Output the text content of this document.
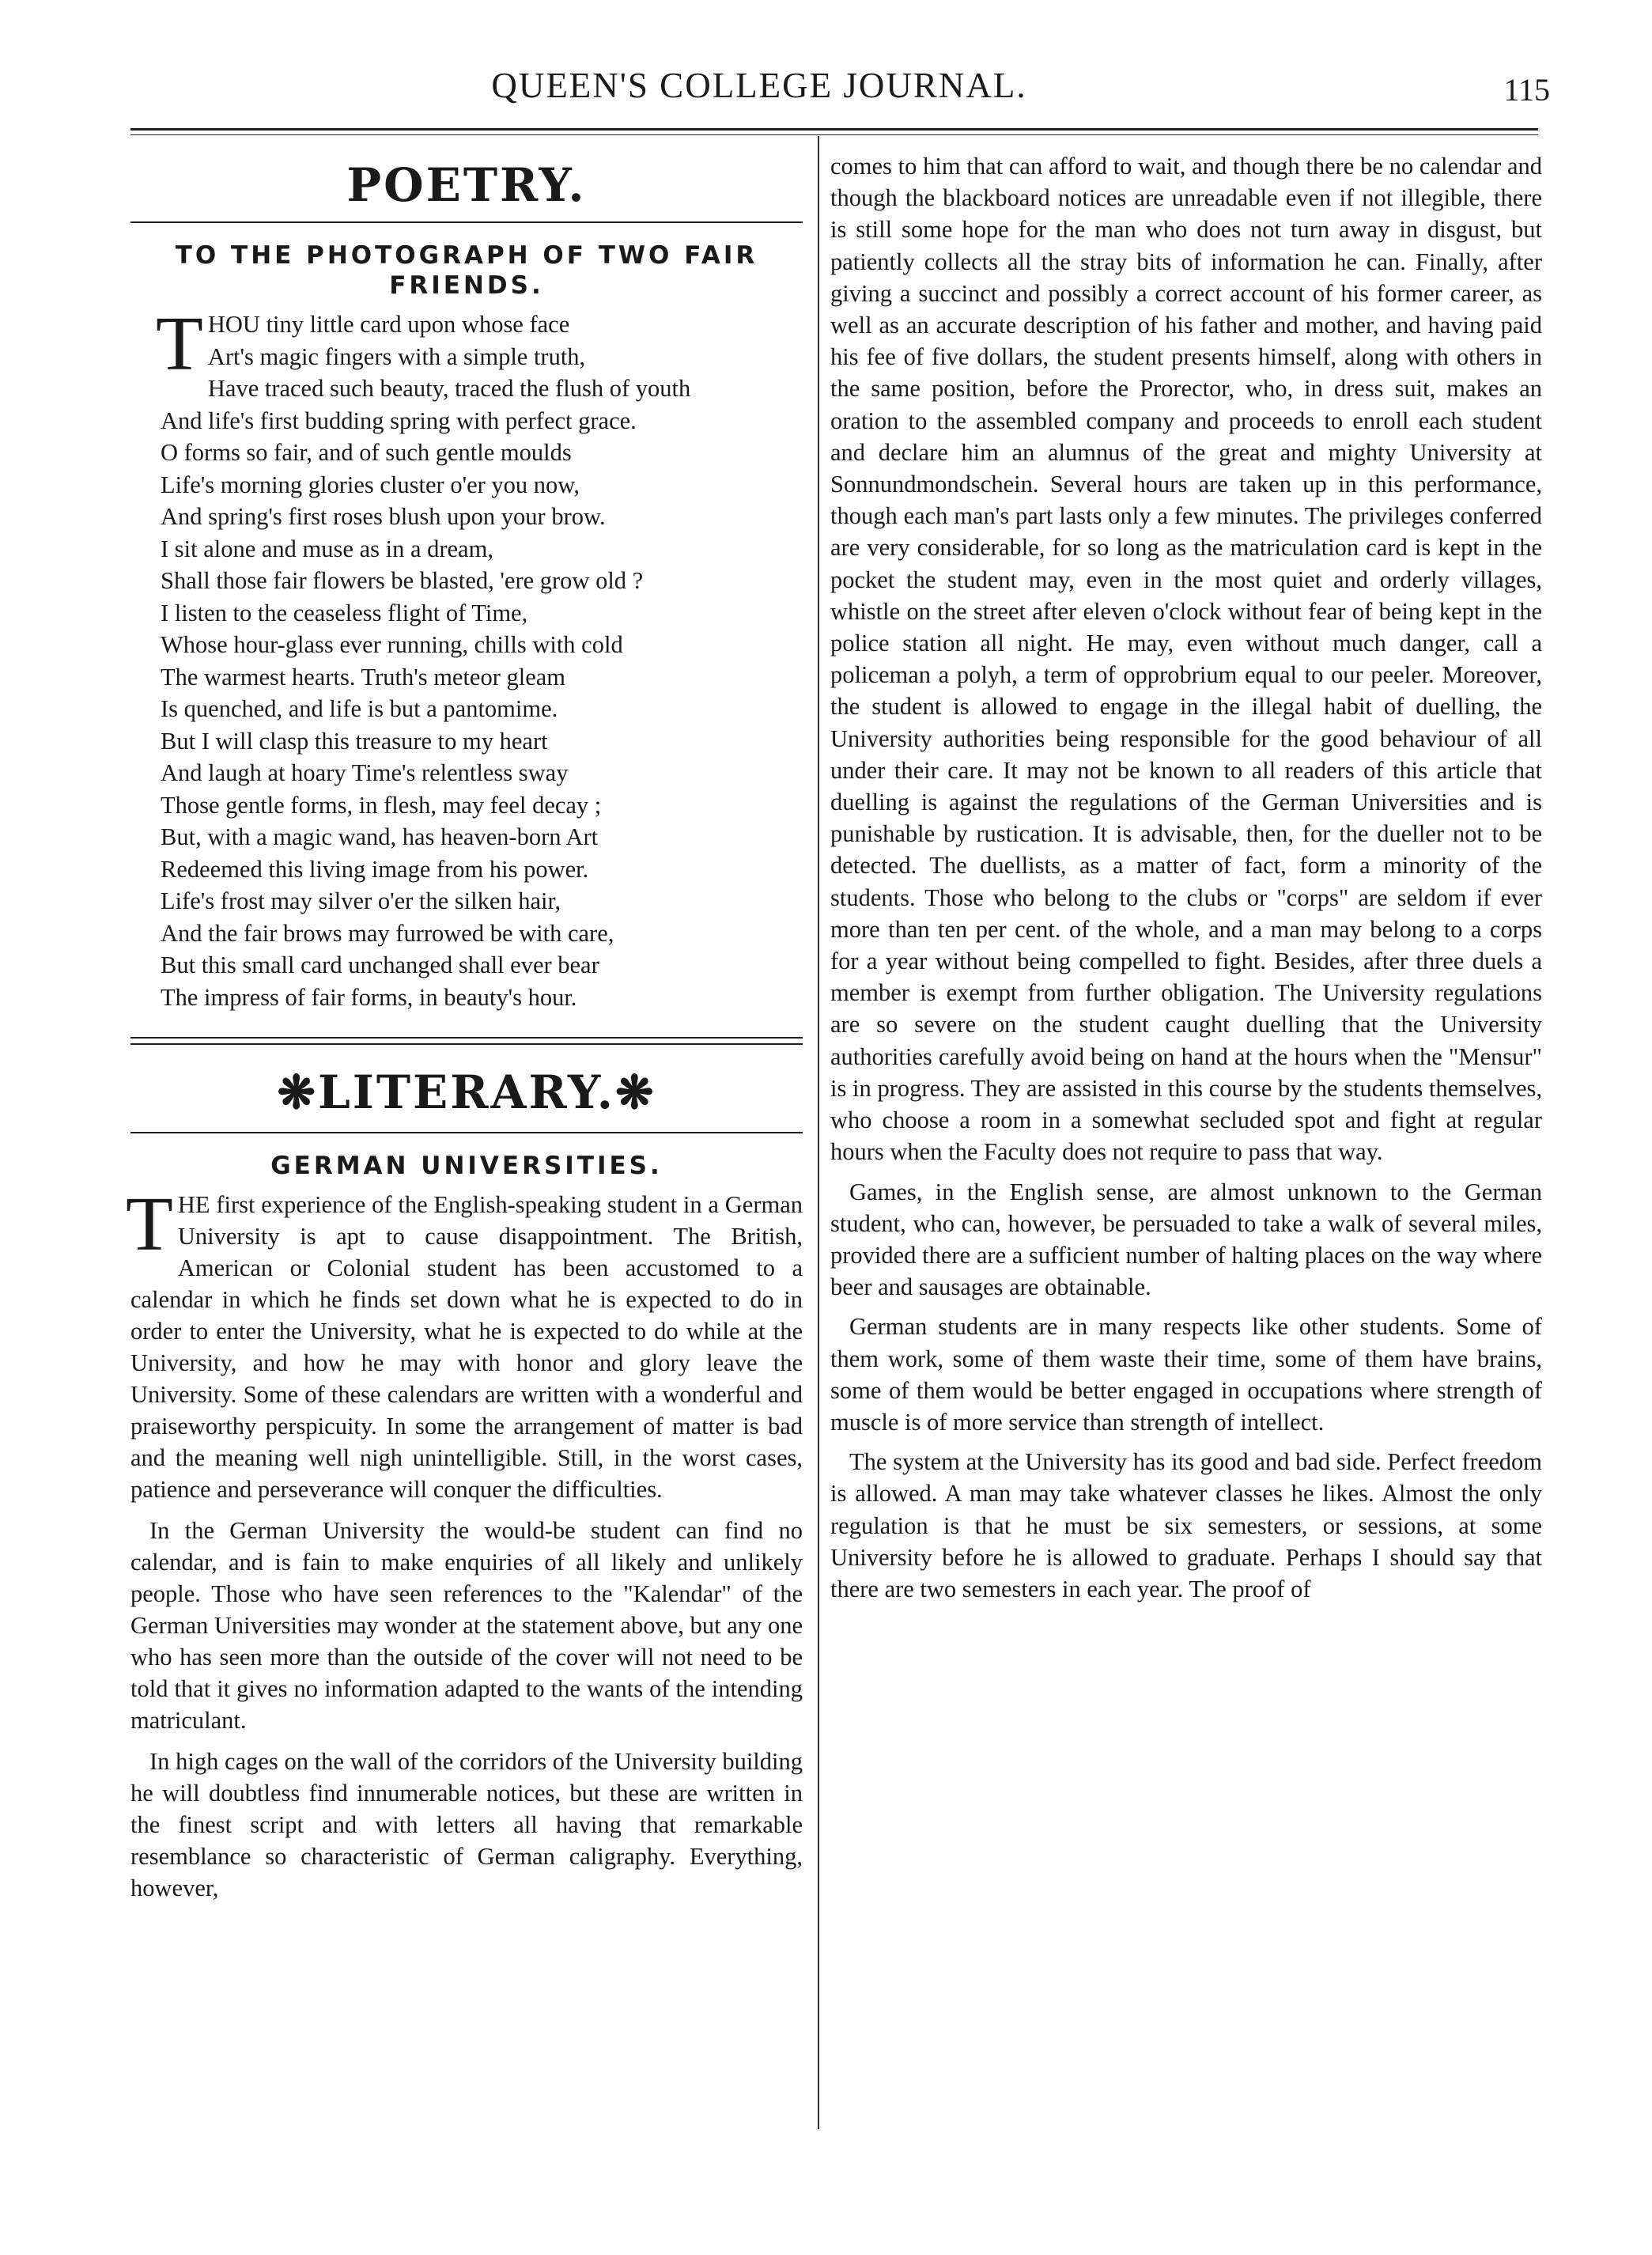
QUEEN'S COLLEGE JOURNAL.	115
POETRY.
TO THE PHOTOGRAPH OF TWO FAIR FRIENDS.
T HOU tiny little card upon whose face
Art's magic fingers with a simple truth,
Have traced such beauty, traced the flush of youth
And life's first budding spring with perfect grace.
O forms so fair, and of such gentle moulds
Life's morning glories cluster o'er you now,
And spring's first roses blush upon your brow.
I sit alone and muse as in a dream,
Shall those fair flowers be blasted, 'ere grow old ?
I listen to the ceaseless flight of Time,
Whose hour-glass ever running, chills with cold
The warmest hearts. Truth's meteor gleam
Is quenched, and life is but a pantomime.
But I will clasp this treasure to my heart
And laugh at hoary Time's relentless sway
Those gentle forms, in flesh, may feel decay ;
But, with a magic wand, has heaven-born Art
Redeemed this living image from his power.
Life's frost may silver o'er the silken hair,
And the fair brows may furrowed be with care,
But this small card unchanged shall ever bear
The impress of fair forms, in beauty's hour.
❋LITERARY.❋
GERMAN UNIVERSITIES.
T HE first experience of the English-speaking student in a German University is apt to cause disappointment. The British, American or Colonial student has been accustomed to a calendar in which he finds set down what he is expected to do in order to enter the University, what he is expected to do while at the University, and how he may with honor and glory leave the University. Some of these calendars are written with a wonderful and praiseworthy perspicuity. In some the arrangement of matter is bad and the meaning well nigh unintelligible. Still, in the worst cases, patience and perseverance will conquer the difficulties.

In the German University the would-be student can find no calendar, and is fain to make enquiries of all likely and unlikely people. Those who have seen references to the "Kalendar" of the German Universities may wonder at the statement above, but any one who has seen more than the outside of the cover will not need to be told that it gives no information adapted to the wants of the intending matriculant.

In high cages on the wall of the corridors of the University building he will doubtless find innumerable notices, but these are written in the finest script and with letters all having that remarkable resemblance so characteristic of German caligraphy. Everything, however,

comes to him that can afford to wait, and though there be no calendar and though the blackboard notices are unreadable even if not illegible, there is still some hope for the man who does not turn away in disgust, but patiently collects all the stray bits of information he can. Finally, after giving a succinct and possibly a correct account of his former career, as well as an accurate description of his father and mother, and having paid his fee of five dollars, the student presents himself, along with others in the same position, before the Prorector, who, in dress suit, makes an oration to the assembled company and proceeds to enroll each student and declare him an alumnus of the great and mighty University at Sonnundmondschein. Several hours are taken up in this performance, though each man's part lasts only a few minutes. The privileges conferred are very considerable, for so long as the matriculation card is kept in the pocket the student may, even in the most quiet and orderly villages, whistle on the street after eleven o'clock without fear of being kept in the police station all night. He may, even without much danger, call a policeman a polyh, a term of opprobrium equal to our peeler. Moreover, the student is allowed to engage in the illegal habit of duelling, the University authorities being responsible for the good behaviour of all under their care. It may not be known to all readers of this article that duelling is against the regulations of the German Universities and is punishable by rustication. It is advisable, then, for the dueller not to be detected. The duellists, as a matter of fact, form a minority of the students. Those who belong to the clubs or "corps" are seldom if ever more than ten per cent. of the whole, and a man may belong to a corps for a year without being compelled to fight. Besides, after three duels a member is exempt from further obligation. The University regulations are so severe on the student caught duelling that the University authorities carefully avoid being on hand at the hours when the "Mensur" is in progress. They are assisted in this course by the students themselves, who choose a room in a somewhat secluded spot and fight at regular hours when the Faculty does not require to pass that way.

Games, in the English sense, are almost unknown to the German student, who can, however, be persuaded to take a walk of several miles, provided there are a sufficient number of halting places on the way where beer and sausages are obtainable.

German students are in many respects like other students. Some of them work, some of them waste their time, some of them have brains, some of them would be better engaged in occupations where strength of muscle is of more service than strength of intellect.

The system at the University has its good and bad side. Perfect freedom is allowed. A man may take whatever classes he likes. Almost the only regulation is that he must be six semesters, or sessions, at some University before he is allowed to graduate. Perhaps I should say that there are two semesters in each year. The proof of
